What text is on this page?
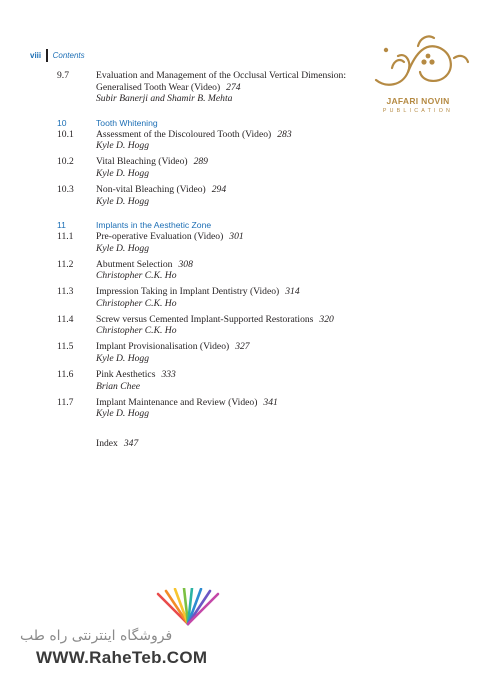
viii Contents
9.7	Evaluation and Management of the Occlusal Vertical Dimension:
Generalised Tooth Wear (Video) 274
Subir Banerji and Shamir B. Mehta
10	Tooth Whitening
10.1	Assessment of the Discoloured Tooth (Video) 283
Kyle D. Hogg
10.2	Vital Bleaching (Video) 289
Kyle D. Hogg
10.3	Non-vital Bleaching (Video) 294
Kyle D. Hogg
11	Implants in the Aesthetic Zone
11.1	Pre-operative Evaluation (Video) 301
Kyle D. Hogg
11.2	Abutment Selection 308
Christopher C.K. Ho
11.3	Impression Taking in Implant Dentistry (Video) 314
Christopher C.K. Ho
11.4	Screw versus Cemented Implant-Supported Restorations 320
Christopher C.K. Ho
11.5	Implant Provisionalisation (Video) 327
Kyle D. Hogg
11.6	Pink Aesthetics 333
Brian Chee
11.7	Implant Maintenance and Review (Video) 341
Kyle D. Hogg
Index 347
JAFARI NOVIN
PUBLICATION
فروشگاه اینترنتی راه طب
WWW.RaheTeb.COM
